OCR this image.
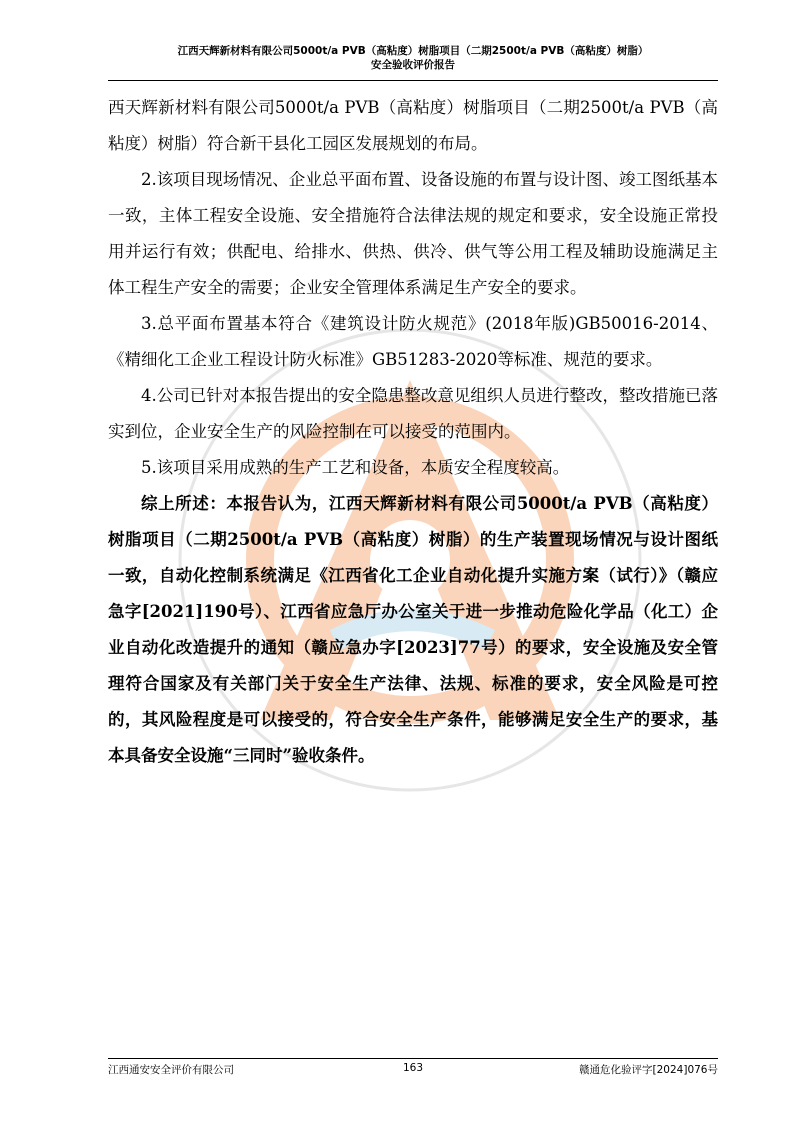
江西天辉新材料有限公司5000t/a PVB（高粘度）树脂项目（二期2500t/a PVB（高粘度）树脂）
安全验收评价报告

西天辉新材料有限公司5000t/a PVB（高粘度）树脂项目（二期2500t/a PVB（高粘度）树脂）符合新干县化工园区发展规划的布局。

2.该项目现场情况、企业总平面布置、设备设施的布置与设计图、竣工图纸基本一致，主体工程安全设施、安全措施符合法律法规的规定和要求，安全设施正常投用并运行有效；供配电、给排水、供热、供冷、供气等公用工程及辅助设施满足主体工程生产安全的需要；企业安全管理体系满足生产安全的要求。

3.总平面布置基本符合《建筑设计防火规范》(2018年版)GB50016-2014、《精细化工企业工程设计防火标准》GB51283-2020等标准、规范的要求。

4.公司已针对本报告提出的安全隐患整改意见组织人员进行整改，整改措施已落实到位，企业安全生产的风险控制在可以接受的范围内。

5.该项目采用成熟的生产工艺和设备，本质安全程度较高。

综上所述：本报告认为，江西天辉新材料有限公司5000t/a PVB（高粘度）树脂项目（二期2500t/a PVB（高粘度）树脂）的生产装置现场情况与设计图纸一致，自动化控制系统满足《江西省化工企业自动化提升实施方案（试行）》（赣应急字[2021]190号）、江西省应急厅办公室关于进一步推动危险化学品（化工）企业自动化改造提升的通知（赣应急办字[2023]77号）的要求，安全设施及安全管理符合国家及有关部门关于安全生产法律、法规、标准的要求，安全风险是可控的，其风险程度是可以接受的，符合安全生产条件，能够满足安全生产的要求，基本具备安全设施“三同时”验收条件。

江西通安安全评价有限公司	163	赣通危化验评字[2024]076号
